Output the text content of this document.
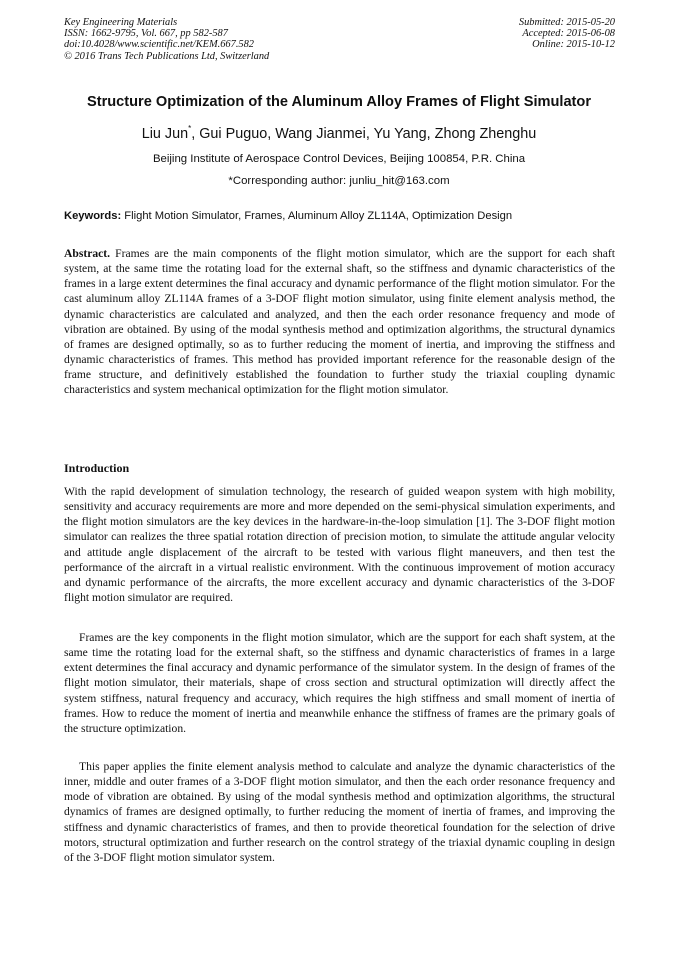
Key Engineering Materials
ISSN: 1662-9795, Vol. 667, pp 582-587
doi:10.4028/www.scientific.net/KEM.667.582
© 2016 Trans Tech Publications Ltd, Switzerland
Submitted: 2015-05-20
Accepted: 2015-06-08
Online: 2015-10-12
Structure Optimization of the Aluminum Alloy Frames of Flight Simulator
Liu Jun*, Gui Puguo, Wang Jianmei, Yu Yang, Zhong Zhenghu
Beijing Institute of Aerospace Control Devices, Beijing 100854, P.R. China
*Corresponding author: junliu_hit@163.com
Keywords: Flight Motion Simulator, Frames, Aluminum Alloy ZL114A, Optimization Design
Abstract. Frames are the main components of the flight motion simulator, which are the support for each shaft system, at the same time the rotating load for the external shaft, so the stiffness and dynamic characteristics of the frames in a large extent determines the final accuracy and dynamic performance of the flight motion simulator. For the cast aluminum alloy ZL114A frames of a 3-DOF flight motion simulator, using finite element analysis method, the dynamic characteristics are calculated and analyzed, and then the each order resonance frequency and mode of vibration are obtained. By using of the modal synthesis method and optimization algorithms, the structural dynamics of frames are designed optimally, so as to further reducing the moment of inertia, and improving the stiffness and dynamic characteristics of frames. This method has provided important reference for the reasonable design of the frame structure, and definitively established the foundation to further study the triaxial coupling dynamic characteristics and system mechanical optimization for the flight motion simulator.
Introduction
With the rapid development of simulation technology, the research of guided weapon system with high mobility, sensitivity and accuracy requirements are more and more depended on the semi-physical simulation experiments, and the flight motion simulators are the key devices in the hardware-in-the-loop simulation [1]. The 3-DOF flight motion simulator can realizes the three spatial rotation direction of precision motion, to simulate the attitude angular velocity and attitude angle displacement of the aircraft to be tested with various flight maneuvers, and then test the performance of the aircraft in a virtual realistic environment. With the continuous improvement of motion accuracy and dynamic performance of the aircrafts, the more excellent accuracy and dynamic characteristics of the 3-DOF flight motion simulator are required.
Frames are the key components in the flight motion simulator, which are the support for each shaft system, at the same time the rotating load for the external shaft, so the stiffness and dynamic characteristics of frames in a large extent determines the final accuracy and dynamic performance of the simulator system. In the design of frames of the flight motion simulator, their materials, shape of cross section and structural optimization will directly affect the system stiffness, natural frequency and accuracy, which requires the high stiffness and small moment of inertia of frames. How to reduce the moment of inertia and meanwhile enhance the stiffness of frames are the primary goals of the structure optimization.
This paper applies the finite element analysis method to calculate and analyze the dynamic characteristics of the inner, middle and outer frames of a 3-DOF flight motion simulator, and then the each order resonance frequency and mode of vibration are obtained. By using of the modal synthesis method and optimization algorithms, the structural dynamics of frames are designed optimally, to further reducing the moment of inertia of frames, and improving the stiffness and dynamic characteristics of frames, and then to provide theoretical foundation for the selection of drive motors, structural optimization and further research on the control strategy of the triaxial dynamic coupling in design of the 3-DOF flight motion simulator system.
